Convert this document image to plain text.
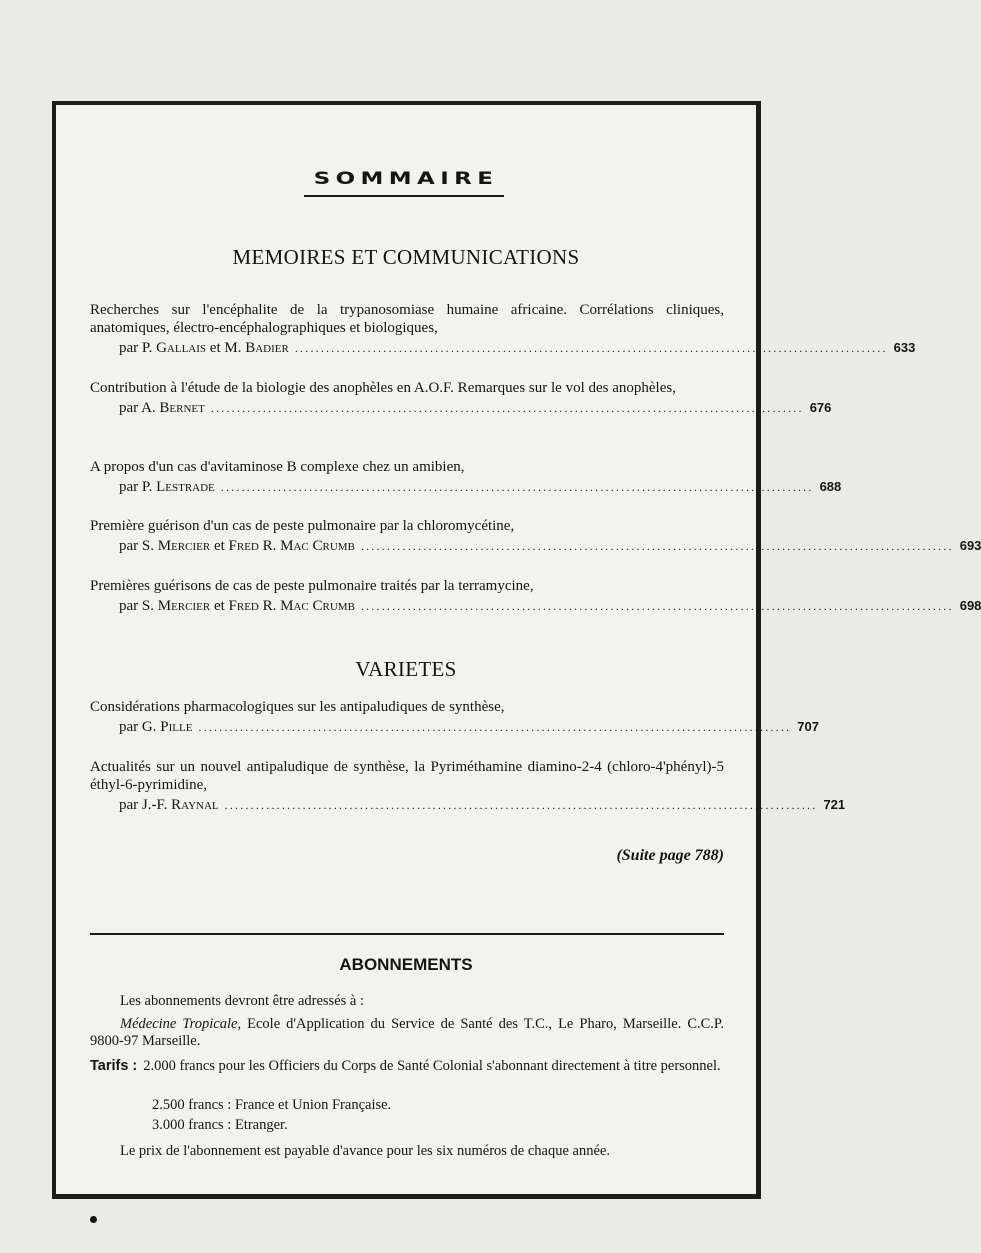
SOMMAIRE
MEMOIRES ET COMMUNICATIONS
Recherches sur l'encéphalite de la trypanosomiase humaine africaine. Corrélations cliniques, anatomiques, électro-encéphalographiques et biologiques,
par P. Gallais et M. Badier .................................................................................................................. 633
Contribution à l'étude de la biologie des anophèles en A.O.F. Remarques sur le vol des anophèles,
par A. Bernet .................................................................................................................. 676
A propos d'un cas d'avitaminose B complexe chez un amibien,
par P. Lestrade .................................................................................................................. 688
Première guérison d'un cas de peste pulmonaire par la chloromycétine,
par S. Mercier et Fred R. Mac Crumb .................................................................................................................. 693
Premières guérisons de cas de peste pulmonaire traités par la terramycine,
par S. Mercier et Fred R. Mac Crumb .................................................................................................................. 698
VARIETES
Considérations pharmacologiques sur les antipaludiques de synthèse,
par G. Pille .................................................................................................................. 707
Actualités sur un nouvel antipaludique de synthèse, la Pyriméthamine diamino-2-4 (chloro-4'phényl)-5 éthyl-6-pyrimidine,
par J.-F. Raynal .................................................................................................................. 721
(Suite page 788)
ABONNEMENTS
Les abonnements devront être adressés à :
Médecine Tropicale, Ecole d'Application du Service de Santé des T.C., Le Pharo, Marseille. C.C.P. 9800-97 Marseille.
Tarifs : 2.000 francs pour les Officiers du Corps de Santé Colonial s'abonnant directement à titre personnel.
2.500 francs : France et Union Française.
3.000 francs : Etranger.
Le prix de l'abonnement est payable d'avance pour les six numéros de chaque année.
